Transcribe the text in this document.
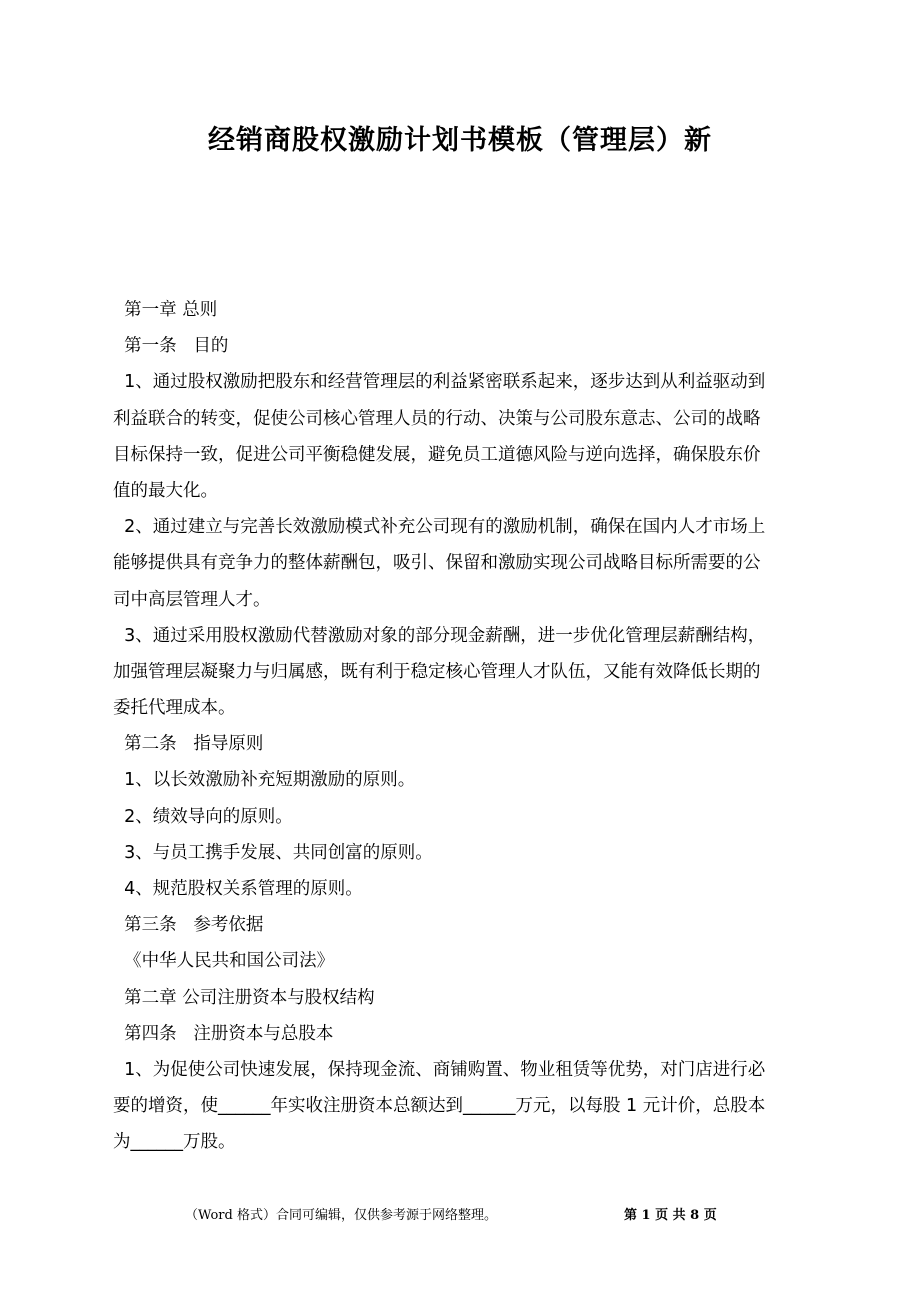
经销商股权激励计划书模板（管理层）新
第一章 总则
第一条   目的
1、通过股权激励把股东和经营管理层的利益紧密联系起来，逐步达到从利益驱动到
利益联合的转变，促使公司核心管理人员的行动、决策与公司股东意志、公司的战略
目标保持一致，促进公司平衡稳健发展，避免员工道德风险与逆向选择，确保股东价
值的最大化。
2、通过建立与完善长效激励模式补充公司现有的激励机制，确保在国内人才市场上
能够提供具有竞争力的整体薪酬包，吸引、保留和激励实现公司战略目标所需要的公
司中高层管理人才。
3、通过采用股权激励代替激励对象的部分现金薪酬，进一步优化管理层薪酬结构，
加强管理层凝聚力与归属感，既有利于稳定核心管理人才队伍，又能有效降低长期的
委托代理成本。
第二条   指导原则
1、以长效激励补充短期激励的原则。
2、绩效导向的原则。
3、与员工携手发展、共同创富的原则。
4、规范股权关系管理的原则。
第三条   参考依据
《中华人民共和国公司法》
第二章 公司注册资本与股权结构
第四条   注册资本与总股本
1、为促使公司快速发展，保持现金流、商铺购置、物业租赁等优势，对门店进行必
要的增资，使______年实收注册资本总额达到______万元，以每股 1 元计价，总股本
为______万股。
（Word 格式）合同可编辑，仅供参考源于网络整理。	第 1 页 共 8 页
